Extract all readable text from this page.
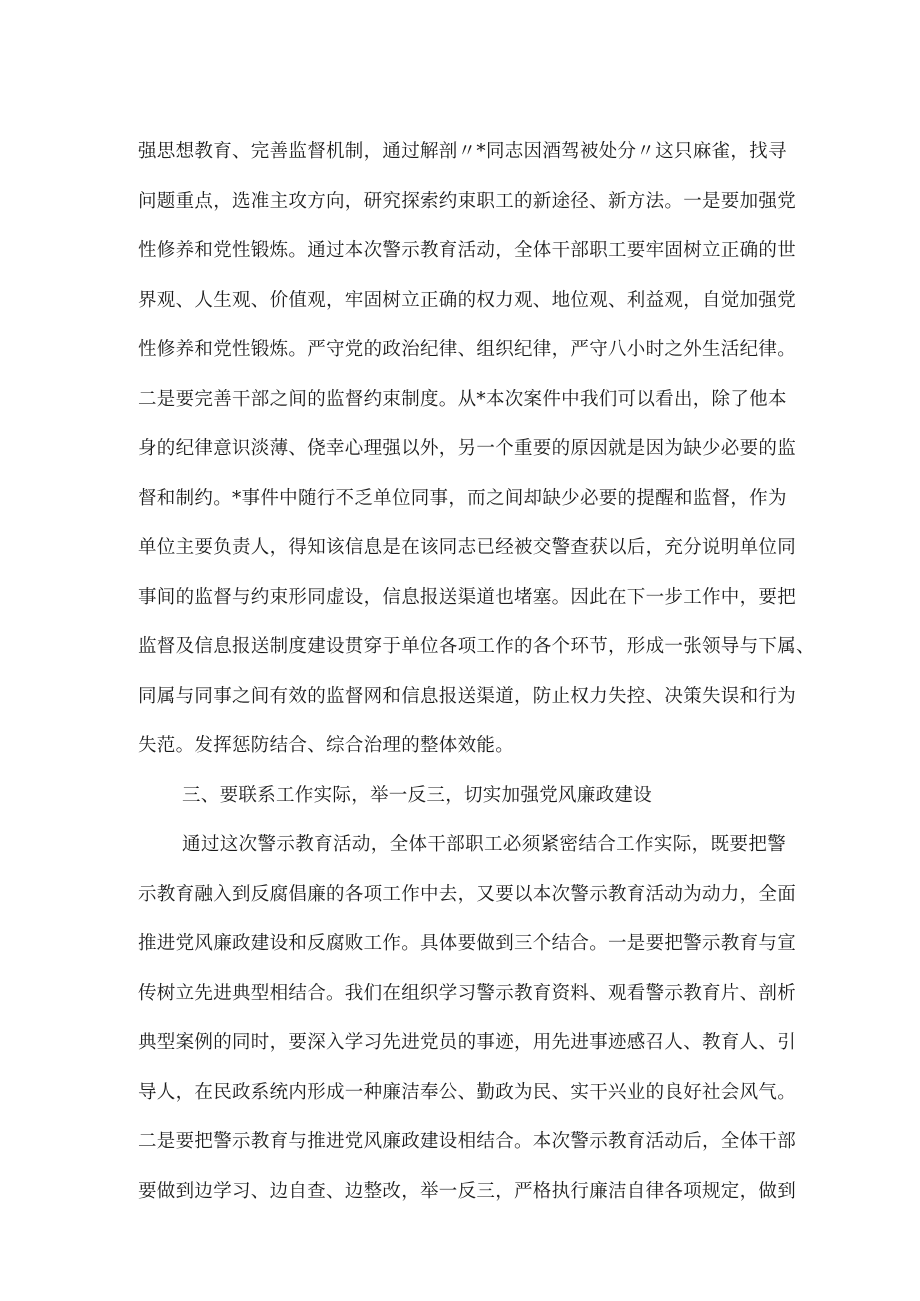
强思想教育、完善监督机制，通过解剖〃*同志因酒驾被处分〃这只麻雀，找寻
问题重点，选准主攻方向，研究探索约束职工的新途径、新方法。一是要加强党
性修养和党性锻炼。通过本次警示教育活动，全体干部职工要牢固树立正确的世
界观、人生观、价值观，牢固树立正确的权力观、地位观、利益观，自觉加强党
性修养和党性锻炼。严守党的政治纪律、组织纪律，严守八小时之外生活纪律。
二是要完善干部之间的监督约束制度。从*本次案件中我们可以看出，除了他本
身的纪律意识淡薄、侥幸心理强以外，另一个重要的原因就是因为缺少必要的监
督和制约。*事件中随行不乏单位同事，而之间却缺少必要的提醒和监督，作为
单位主要负责人，得知该信息是在该同志已经被交警查获以后，充分说明单位同
事间的监督与约束形同虚设，信息报送渠道也堵塞。因此在下一步工作中，要把
监督及信息报送制度建设贯穿于单位各项工作的各个环节，形成一张领导与下属、
同属与同事之间有效的监督网和信息报送渠道，防止权力失控、决策失误和行为
失范。发挥惩防结合、综合治理的整体效能。
三、要联系工作实际，举一反三，切实加强党风廉政建设
通过这次警示教育活动，全体干部职工必须紧密结合工作实际，既要把警
示教育融入到反腐倡廉的各项工作中去，又要以本次警示教育活动为动力，全面
推进党风廉政建设和反腐败工作。具体要做到三个结合。一是要把警示教育与宣
传树立先进典型相结合。我们在组织学习警示教育资料、观看警示教育片、剖析
典型案例的同时，要深入学习先进党员的事迹，用先进事迹感召人、教育人、引
导人，在民政系统内形成一种廉洁奉公、勤政为民、实干兴业的良好社会风气。
二是要把警示教育与推进党风廉政建设相结合。本次警示教育活动后，全体干部
要做到边学习、边自查、边整改，举一反三，严格执行廉洁自律各项规定，做到
